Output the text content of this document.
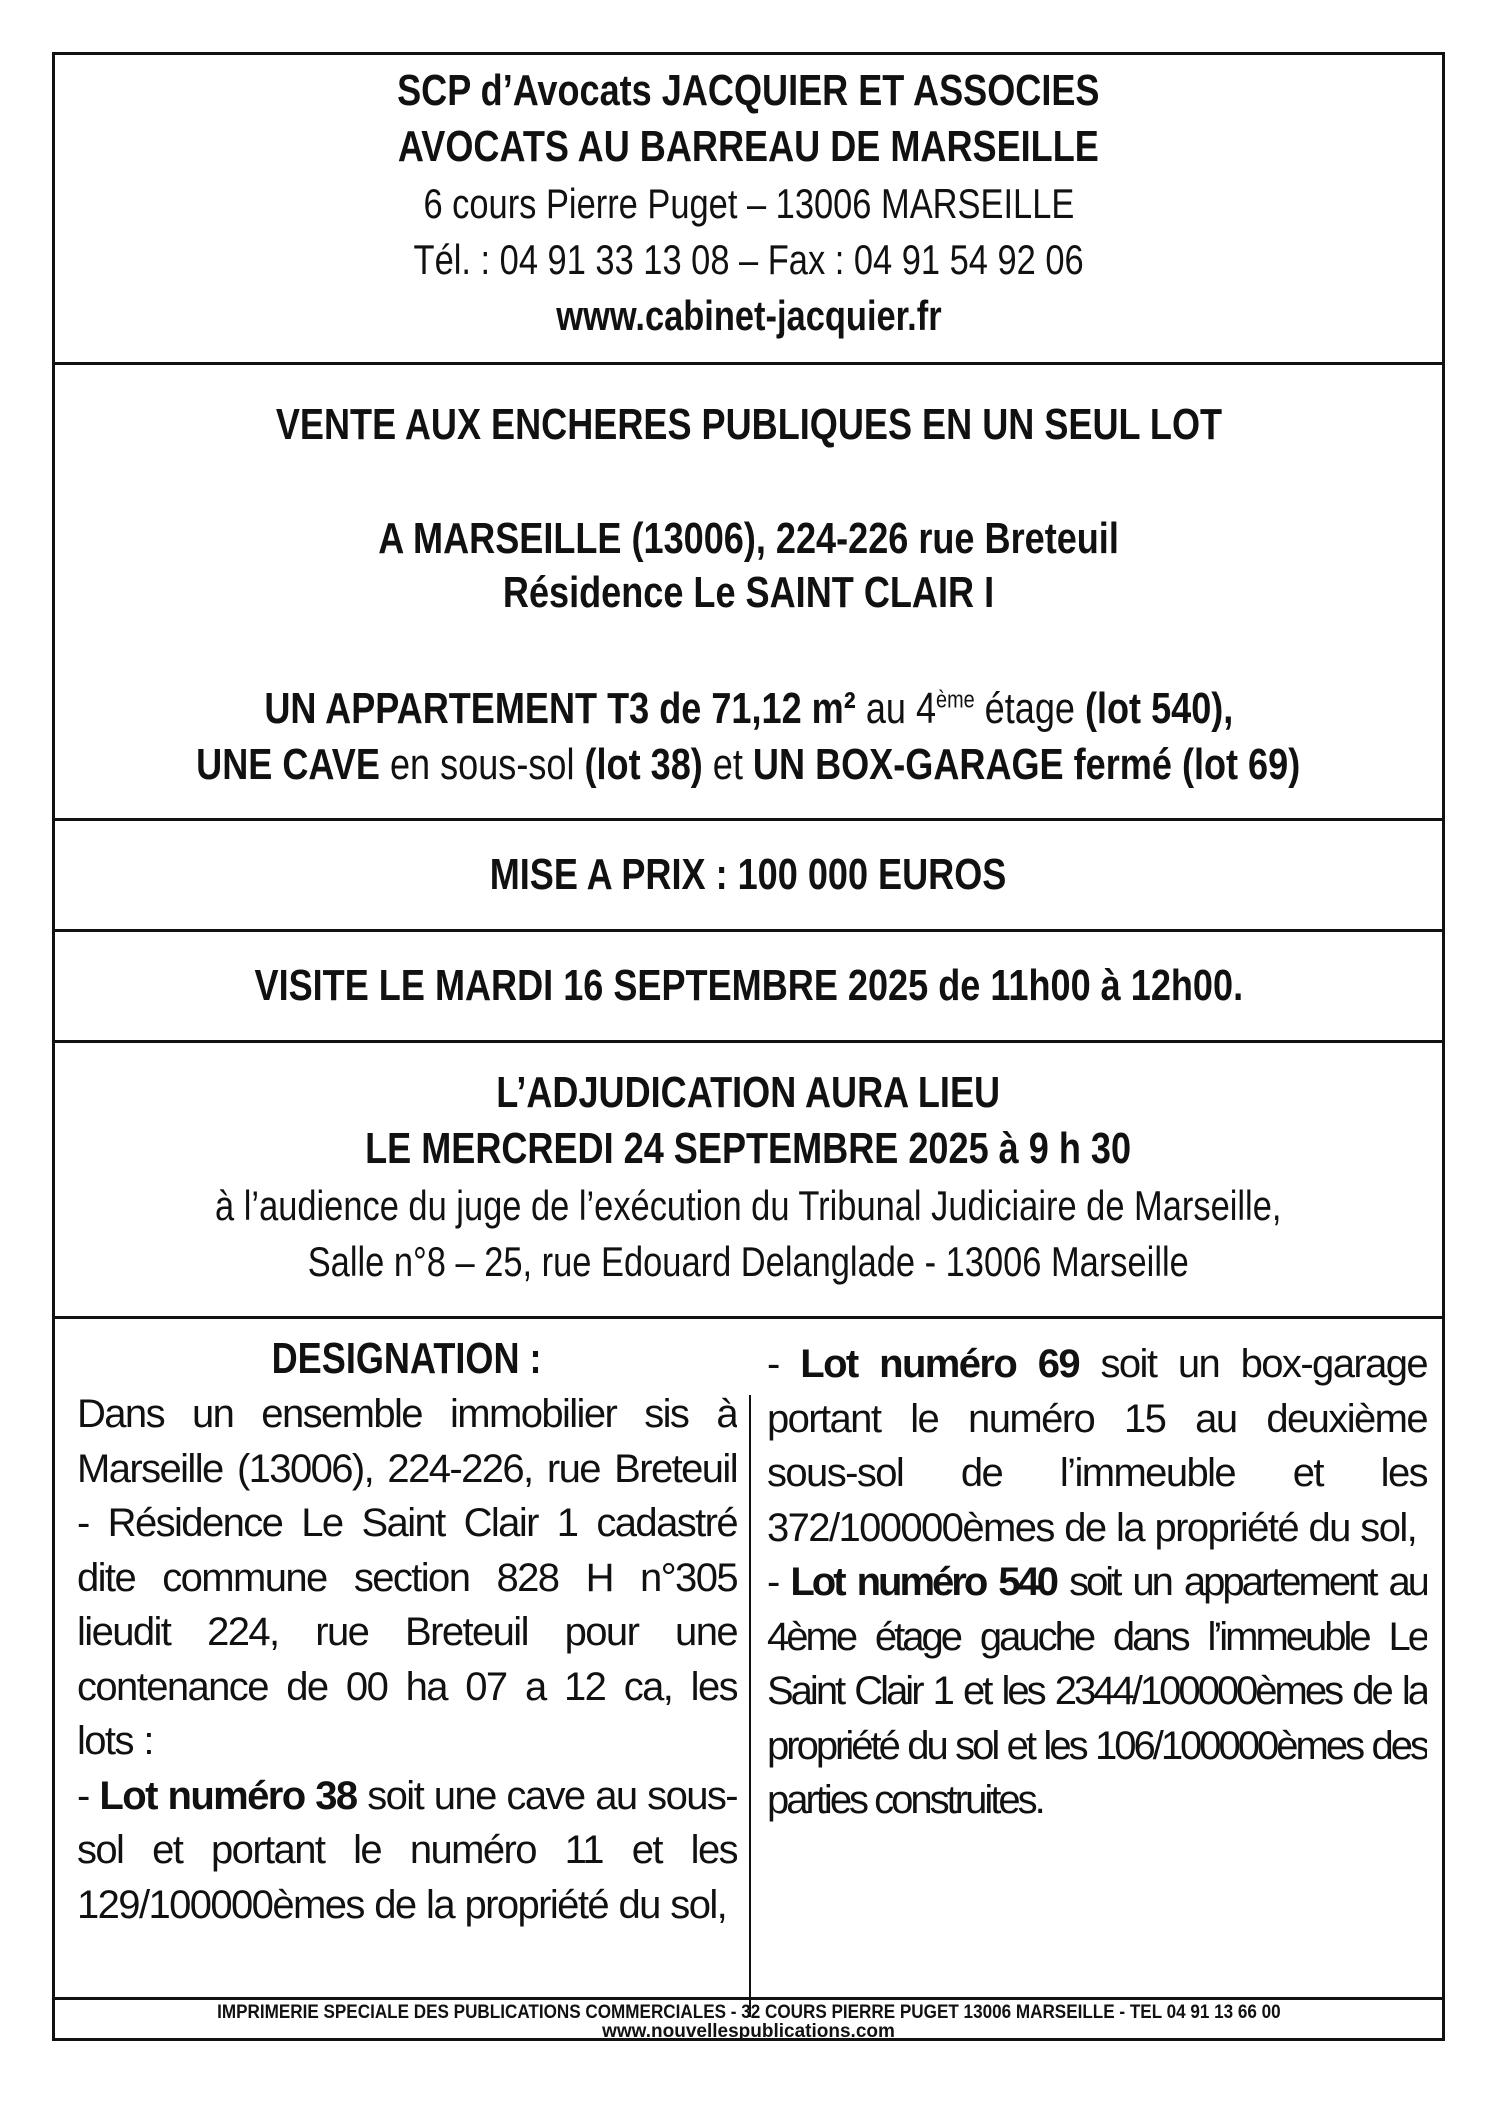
SCP d’Avocats JACQUIER ET ASSOCIES
AVOCATS AU BARREAU DE MARSEILLE
6 cours Pierre Puget – 13006 MARSEILLE
Tél. : 04 91 33 13 08 – Fax : 04 91 54 92 06
www.cabinet-jacquier.fr
VENTE AUX ENCHERES PUBLIQUES EN UN SEUL LOT
A MARSEILLE (13006), 224-226 rue Breteuil
Résidence Le SAINT CLAIR I
UN APPARTEMENT T3 de 71,12 m² au 4ème étage (lot 540),
UNE CAVE en sous-sol (lot 38) et UN BOX-GARAGE fermé (lot 69)
MISE A PRIX : 100 000 EUROS
VISITE LE MARDI 16 SEPTEMBRE 2025 de 11h00 à 12h00.
L’ADJUDICATION AURA LIEU
LE MERCREDI 24 SEPTEMBRE 2025 à 9 h 30
à l’audience du juge de l’exécution du Tribunal Judiciaire de Marseille,
Salle n°8 – 25, rue Edouard Delanglade - 13006 Marseille

DESIGNATION :

Dans un ensemble immobilier sis à Marseille (13006), 224-226, rue Breteuil - Résidence Le Saint Clair 1 cadastré dite commune section 828 H n°305 lieudit 224, rue Breteuil pour une contenance de 00 ha 07 a 12 ca, les lots :

- Lot numéro 38 soit une cave au sous-sol et portant le numéro 11 et les 129/100000èmes de la propriété du sol,

- Lot numéro 69 soit un box-garage portant le numéro 15 au deuxième sous-sol de l’immeuble et les 372/100000èmes de la propriété du sol,

- Lot numéro 540 soit un appartement au 4ème étage gauche dans l’immeuble Le Saint Clair 1 et les 2344/100000èmes de la propriété du sol et les 106/100000èmes des parties construites.

IMPRIMERIE SPECIALE DES PUBLICATIONS COMMERCIALES - 32 COURS PIERRE PUGET 13006 MARSEILLE - TEL 04 91 13 66 00
www.nouvellespublications.com
